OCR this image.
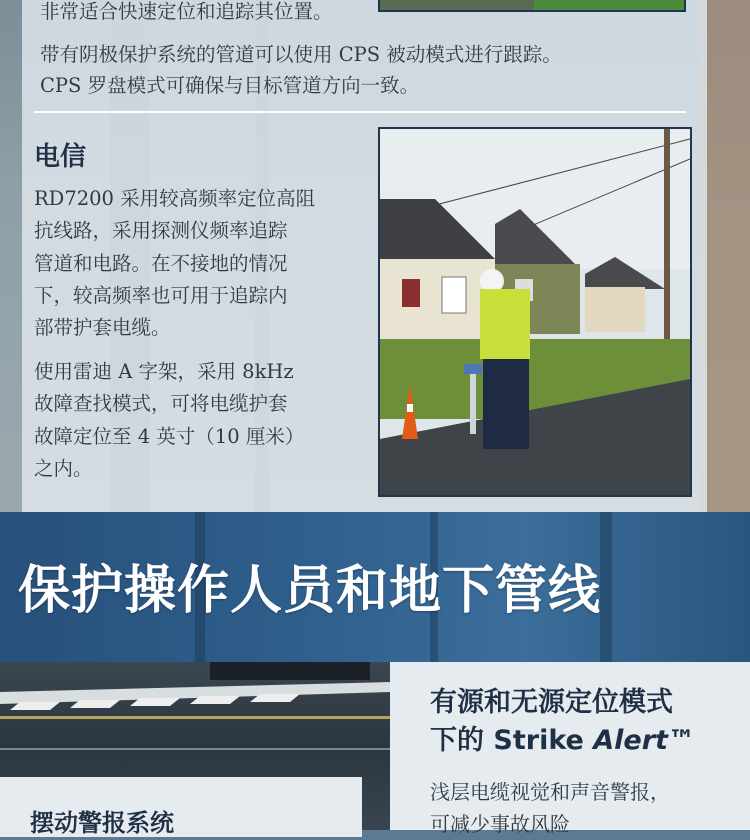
非常适合快速定位和追踪其位置。
带有阴极保护系统的管道可以使用 CPS 被动模式进行跟踪。
CPS 罗盘模式可确保与目标管道方向一致。
电信
RD7200 采用较高频率定位高阻
抗线路，采用探测仪频率追踪
管道和电路。在不接地的情况
下，较高频率也可用于追踪内
部带护套电缆。
使用雷迪 A 字架，采用 8kHz
故障查找模式，可将电缆护套
故障定位至 4 英寸（10 厘米）
之内。
保护操作人员和地下管线
有源和无源定位模式
下的 Strike Alert™
浅层电缆视觉和声音警报，
可减少事故风险
摆动警报系统
